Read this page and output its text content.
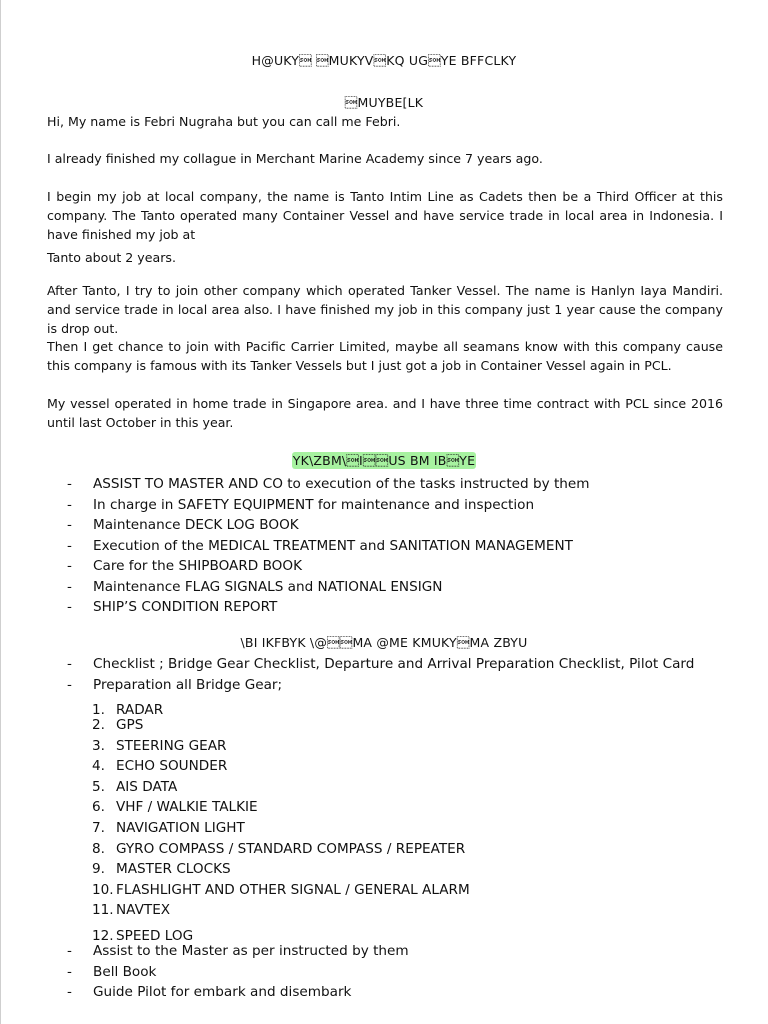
H@UKY MUKYVKQ UGYE BFFCLKY
MUYBE[LK
Hi, My name is Febri Nugraha but you can call me Febri.
I already finished my collague in Merchant Marine Academy since 7 years ago.
I begin my job at local company, the name is Tanto Intim Line as Cadets then be a Third Officer at this company. The Tanto operated many Container Vessel and have service trade in local area in Indonesia. I have finished my job at
Tanto about 2 years.
After Tanto, I try to join other company which operated Tanker Vessel. The name is Hanlyn Iaya Mandiri. and service trade in local area also. I have finished my job in this company just 1 year cause the company is drop out.
Then I get chance to join with Pacific Carrier Limited, maybe all seamans know with this company cause this company is famous with its Tanker Vessels but I just got a job in Container Vessel again in PCL.
My vessel operated in home trade in Singapore area. and I have three time contract with PCL since 2016 until last October in this year.
YK\ZBM\IUS BM IBYE
- ASSIST TO MASTER AND CO to execution of the tasks instructed by them
- In charge in SAFETY EQUIPMENT for maintenance and inspection
- Maintenance DECK LOG BOOK
- Execution of the MEDICAL TREATMENT and SANITATION MANAGEMENT
- Care for the SHIPBOARD BOOK
- Maintenance FLAG SIGNALS and NATIONAL ENSIGN
- SHIP’S CONDITION REPORT
\BI IKFBYK \@MA @ME KMUKYMA ZBYU
- Checklist ; Bridge Gear Checklist, Departure and Arrival Preparation Checklist, Pilot Card
- Preparation all Bridge Gear;
1. RADAR
2. GPS
3. STEERING GEAR
4. ECHO SOUNDER
5. AIS DATA
6. VHF / WALKIE TALKIE
7. NAVIGATION LIGHT
8. GYRO COMPASS / STANDARD COMPASS / REPEATER
9. MASTER CLOCKS
10. FLASHLIGHT AND OTHER SIGNAL / GENERAL ALARM
11. NAVTEX
12. SPEED LOG
- Assist to the Master as per instructed by them
- Bell Book
- Guide Pilot for embark and disembark
